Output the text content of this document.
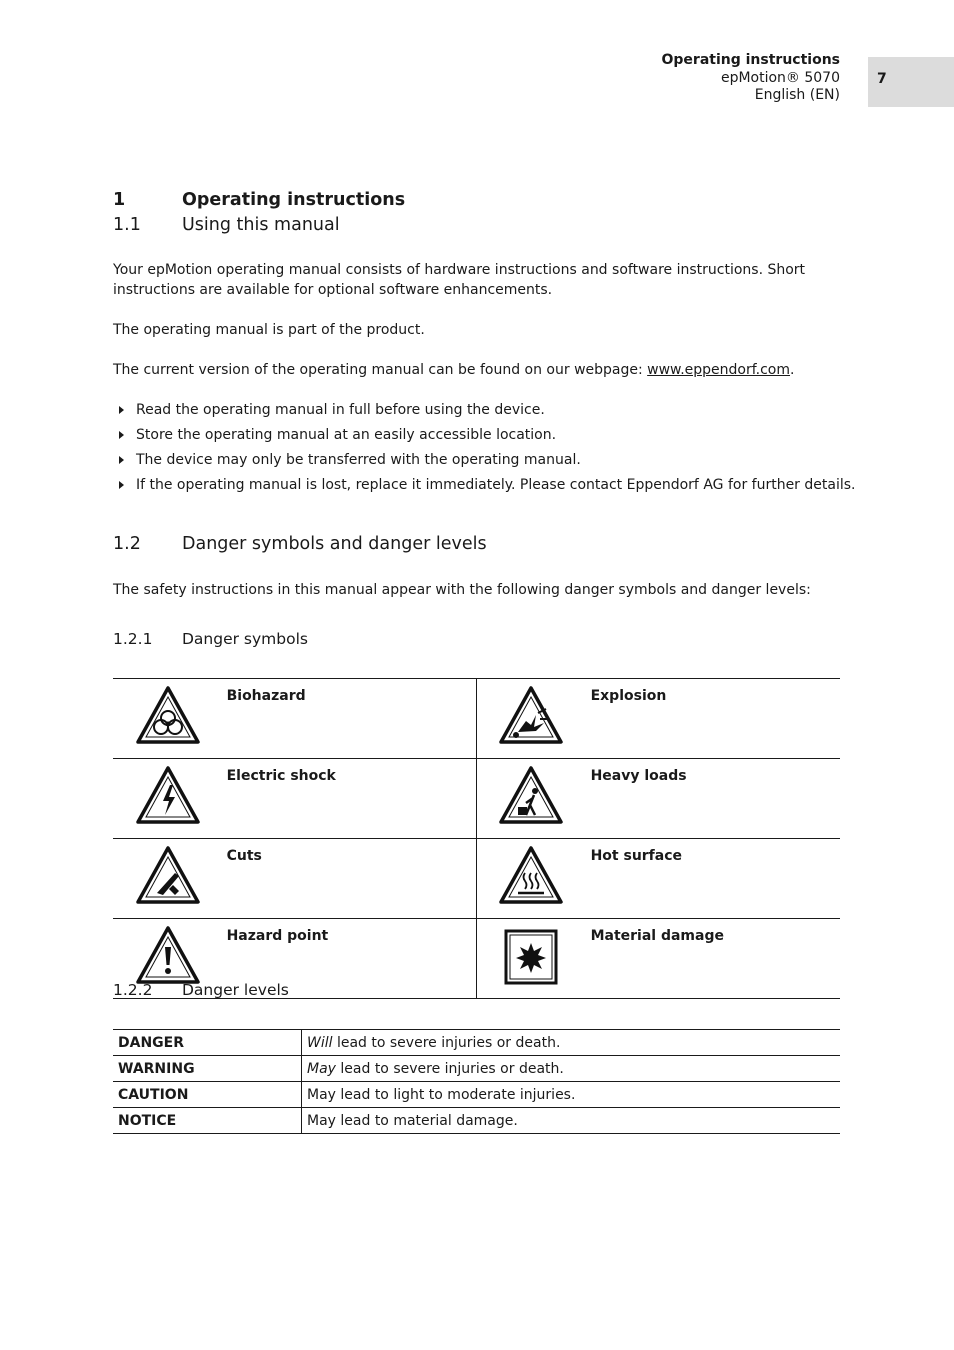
Operating instructions
epMotion® 5070
English (EN)
7
1	Operating instructions
1.1 Using this manual
Your epMotion operating manual consists of hardware instructions and software instructions. Short instructions are available for optional software enhancements.
The operating manual is part of the product.
The current version of the operating manual can be found on our webpage: www.eppendorf.com.
Read the operating manual in full before using the device.
Store the operating manual at an easily accessible location.
The device may only be transferred with the operating manual.
If the operating manual is lost, replace it immediately. Please contact Eppendorf AG for further details.
1.2 Danger symbols and danger levels
The safety instructions in this manual appear with the following danger symbols and danger levels:
1.2.1 Danger symbols
	Biohazard		Explosion

	Electric shock		Heavy loads

	Cuts		Hot surface

	Hazard point		Material damage
1.2.2 Danger levels
DANGER	Will lead to severe injuries or death.
WARNING	May lead to severe injuries or death.
CAUTION	May lead to light to moderate injuries.
NOTICE	May lead to material damage.
